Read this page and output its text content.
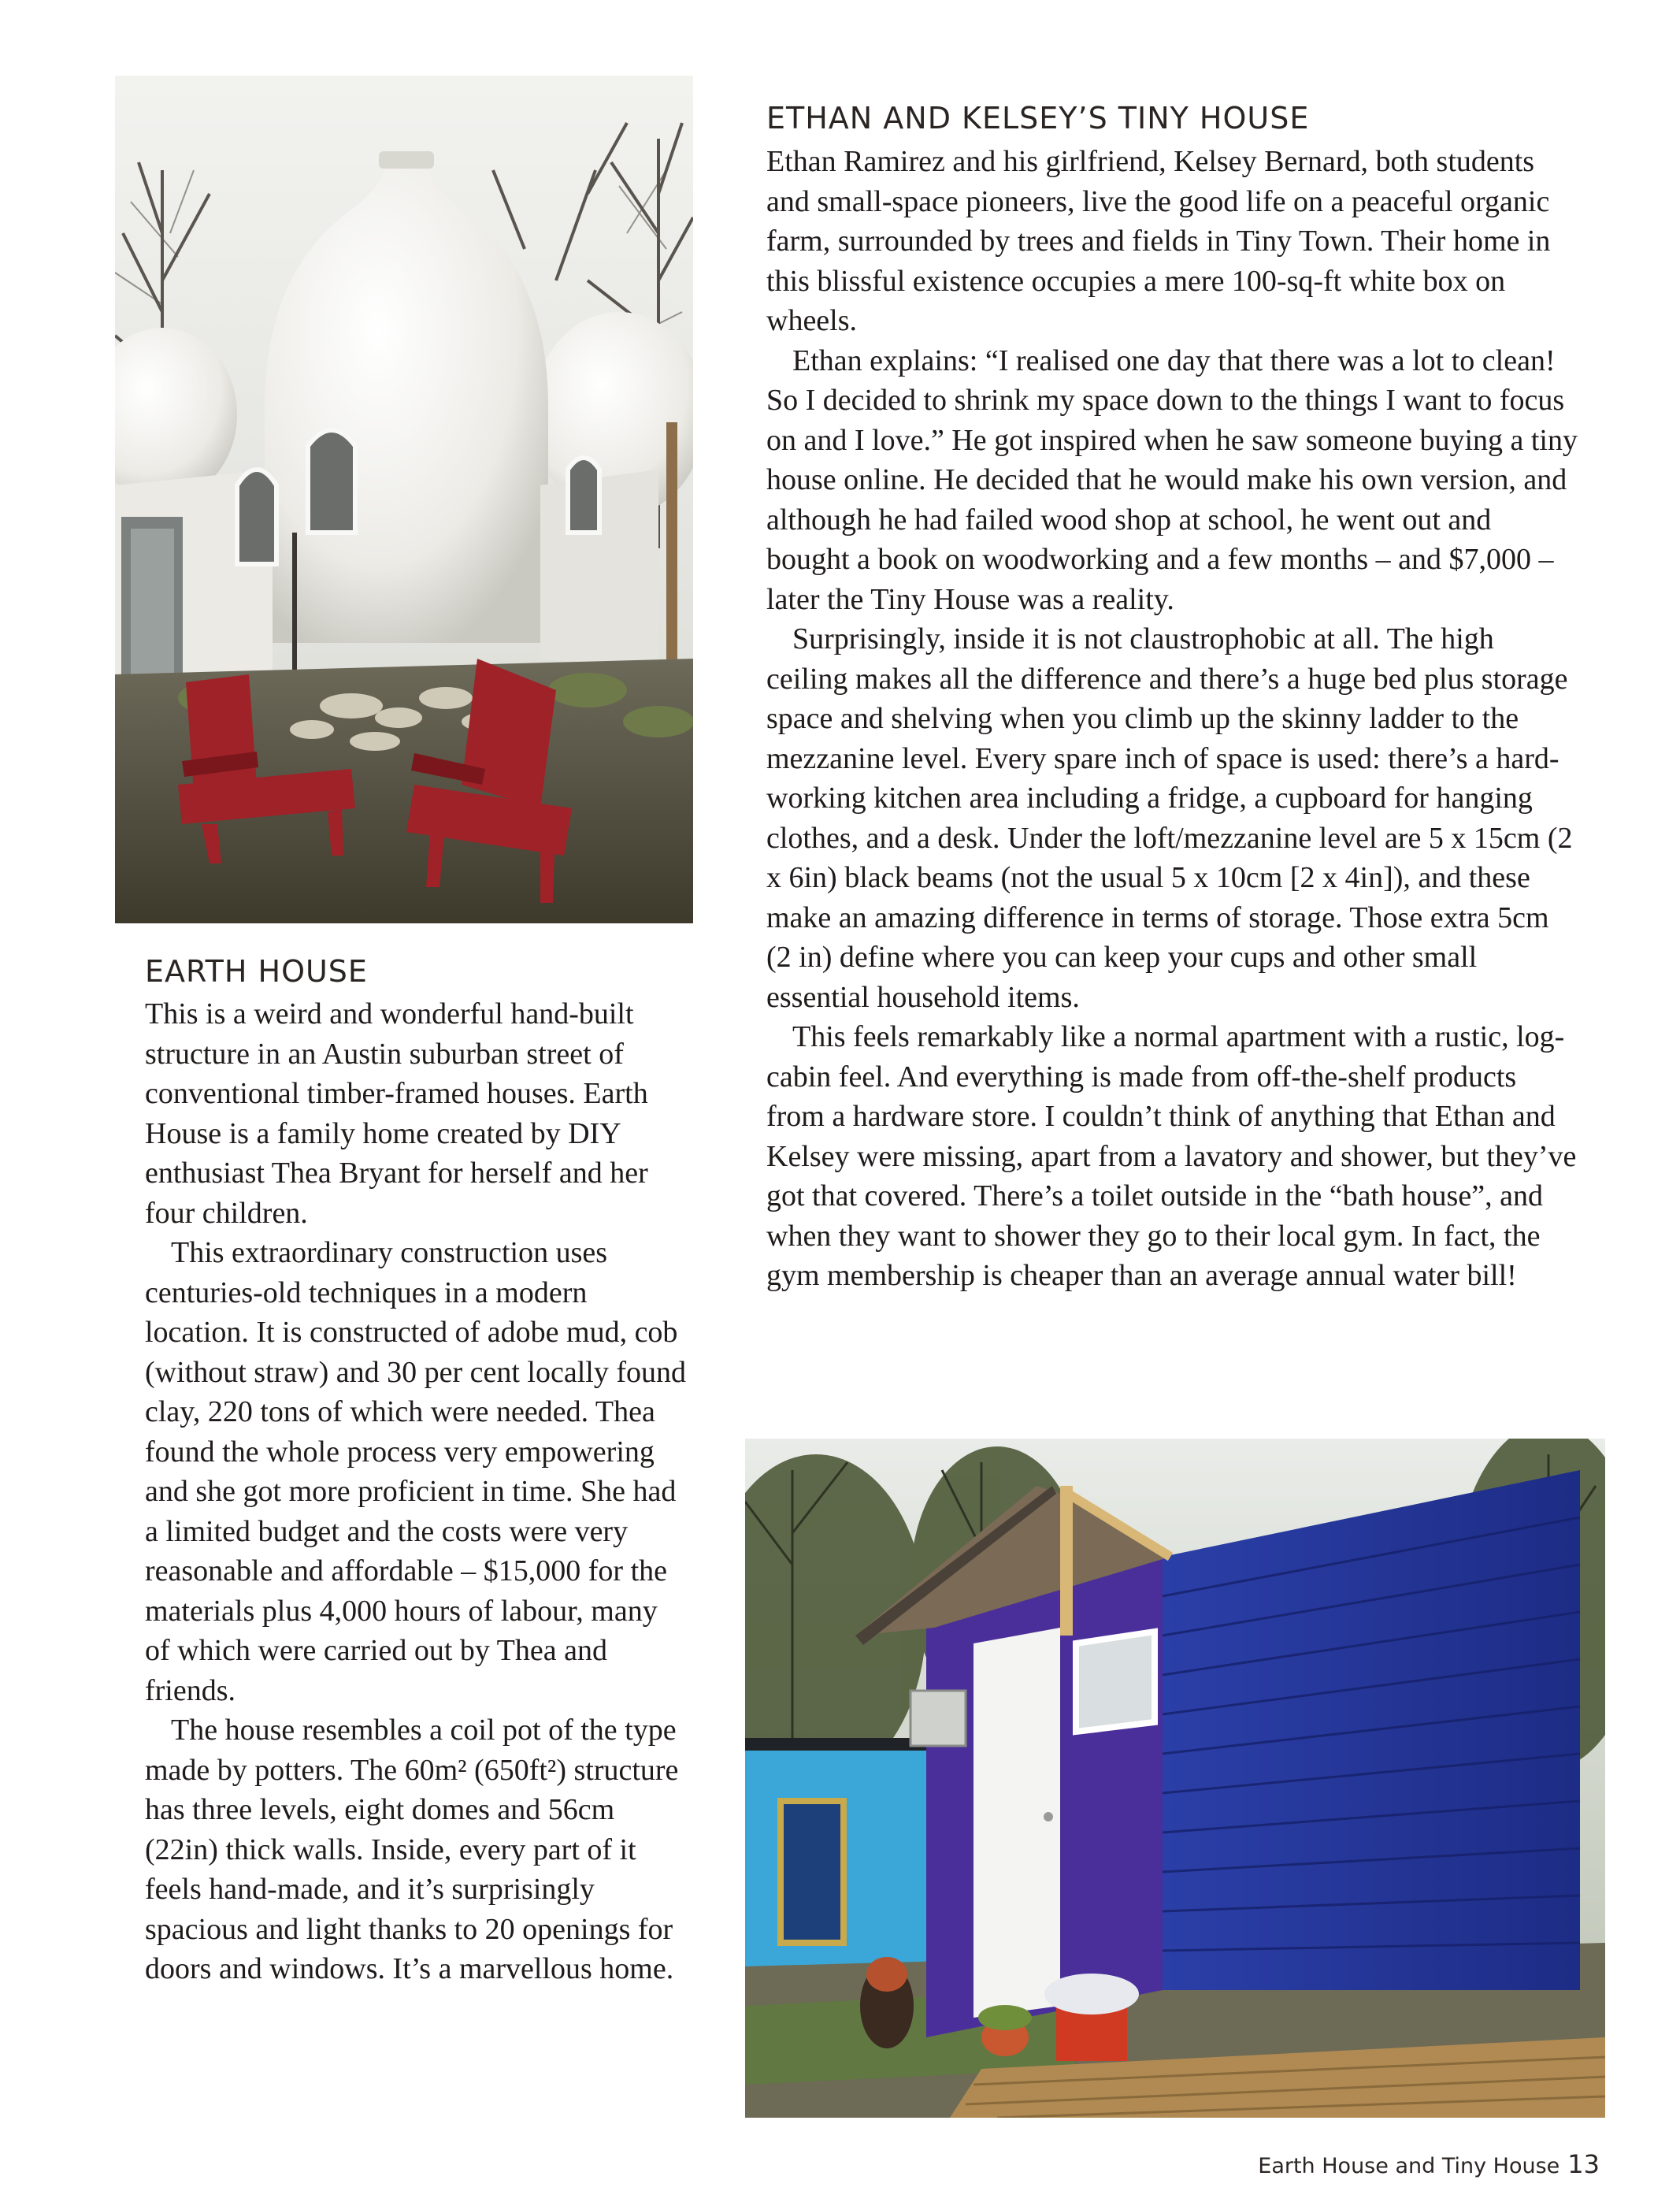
EARTH HOUSE

This is a weird and wonderful hand-built structure in an Austin suburban street of conventional timber-framed houses. Earth House is a family home created by DIY enthusiast Thea Bryant for herself and her four children.

This extraordinary construction uses centuries-old techniques in a modern location. It is constructed of adobe mud, cob (without straw) and 30 per cent locally found clay, 220 tons of which were needed. Thea found the whole process very empowering and she got more proficient in time. She had a limited budget and the costs were very reasonable and affordable – $15,000 for the materials plus 4,000 hours of labour, many of which were carried out by Thea and friends.

The house resembles a coil pot of the type made by potters. The 60m² (650ft²) structure has three levels, eight domes and 56cm (22in) thick walls. Inside, every part of it feels hand-made, and it’s surprisingly spacious and light thanks to 20 openings for doors and windows. It’s a marvellous home.

ETHAN AND KELSEY’S TINY HOUSE

Ethan Ramirez and his girlfriend, Kelsey Bernard, both students and small-space pioneers, live the good life on a peaceful organic farm, surrounded by trees and fields in Tiny Town. Their home in this blissful existence occupies a mere 100-sq-ft white box on wheels.

Ethan explains: “I realised one day that there was a lot to clean! So I decided to shrink my space down to the things I want to focus on and I love.” He got inspired when he saw someone buying a tiny house online. He decided that he would make his own version, and although he had failed wood shop at school, he went out and bought a book on woodworking and a few months – and $7,000 – later the Tiny House was a reality.

Surprisingly, inside it is not claustrophobic at all. The high ceiling makes all the difference and there’s a huge bed plus storage space and shelving when you climb up the skinny ladder to the mezzanine level. Every spare inch of space is used: there’s a hard-working kitchen area including a fridge, a cupboard for hanging clothes, and a desk. Under the loft/mezzanine level are 5 x 15cm (2 x 6in) black beams (not the usual 5 x 10cm [2 x 4in]), and these make an amazing difference in terms of storage. Those extra 5cm (2 in) define where you can keep your cups and other small essential household items.

This feels remarkably like a normal apartment with a rustic, log-cabin feel. And everything is made from off-the-shelf products from a hardware store. I couldn’t think of anything that Ethan and Kelsey were missing, apart from a lavatory and shower, but they’ve got that covered. There’s a toilet outside in the “bath house”, and when they want to shower they go to their local gym. In fact, the gym membership is cheaper than an average annual water bill!

Earth House and Tiny House 13
